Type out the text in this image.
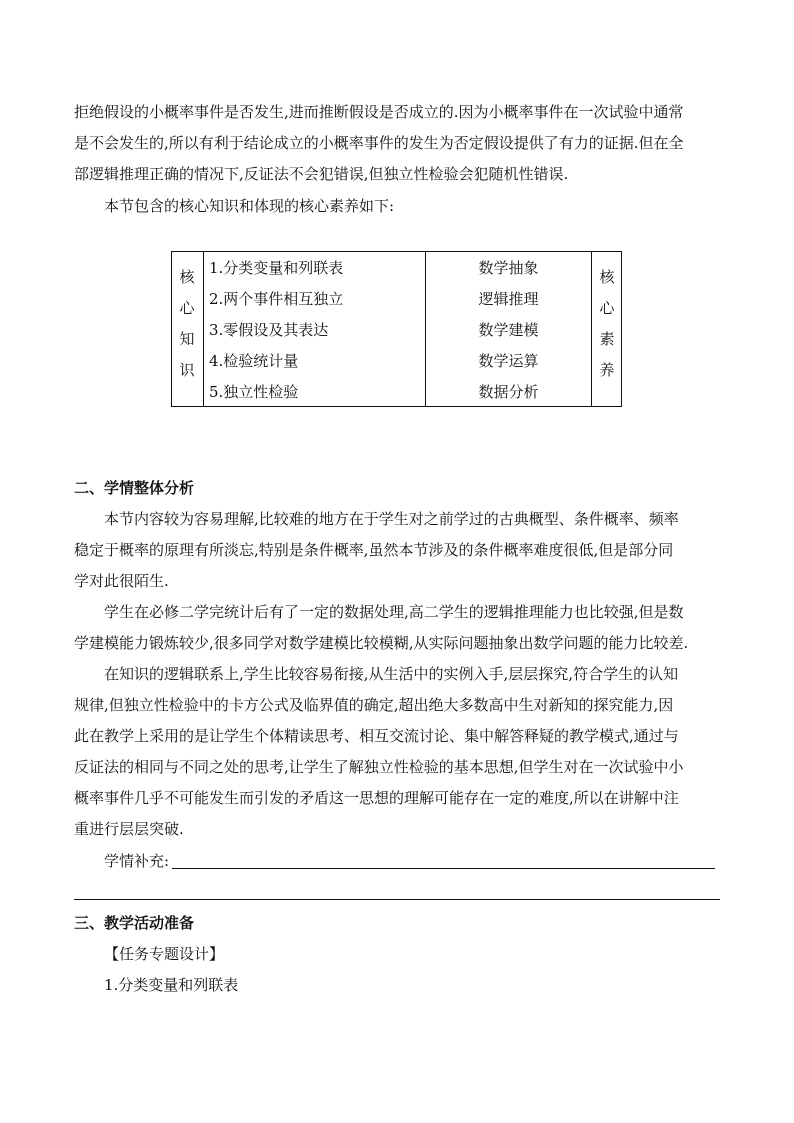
拒绝假设的小概率事件是否发生,进而推断假设是否成立的.因为小概率事件在一次试验中通常
是不会发生的,所以有利于结论成立的小概率事件的发生为否定假设提供了有力的证据.但在全
部逻辑推理正确的情况下,反证法不会犯错误,但独立性检验会犯随机性错误.
本节包含的核心知识和体现的核心素养如下:
核
心
知
识
1.分类变量和列联表
2.两个事件相互独立
3.零假设及其表达
4.检验统计量
5.独立性检验
数学抽象
逻辑推理
数学建模
数学运算
数据分析
核
心
素
养
二、学情整体分析
本节内容较为容易理解,比较难的地方在于学生对之前学过的古典概型、条件概率、频率
稳定于概率的原理有所淡忘,特别是条件概率,虽然本节涉及的条件概率难度很低,但是部分同
学对此很陌生.
学生在必修二学完统计后有了一定的数据处理,高二学生的逻辑推理能力也比较强,但是数
学建模能力锻炼较少,很多同学对数学建模比较模糊,从实际问题抽象出数学问题的能力比较差.
在知识的逻辑联系上,学生比较容易衔接,从生活中的实例入手,层层探究,符合学生的认知
规律,但独立性检验中的卡方公式及临界值的确定,超出绝大多数高中生对新知的探究能力,因
此在教学上采用的是让学生个体精读思考、相互交流讨论、集中解答释疑的教学模式,通过与
反证法的相同与不同之处的思考,让学生了解独立性检验的基本思想,但学生对在一次试验中小
概率事件几乎不可能发生而引发的矛盾这一思想的理解可能存在一定的难度,所以在讲解中注
重进行层层突破.
学情补充:
三、教学活动准备
【任务专题设计】
1.分类变量和列联表
